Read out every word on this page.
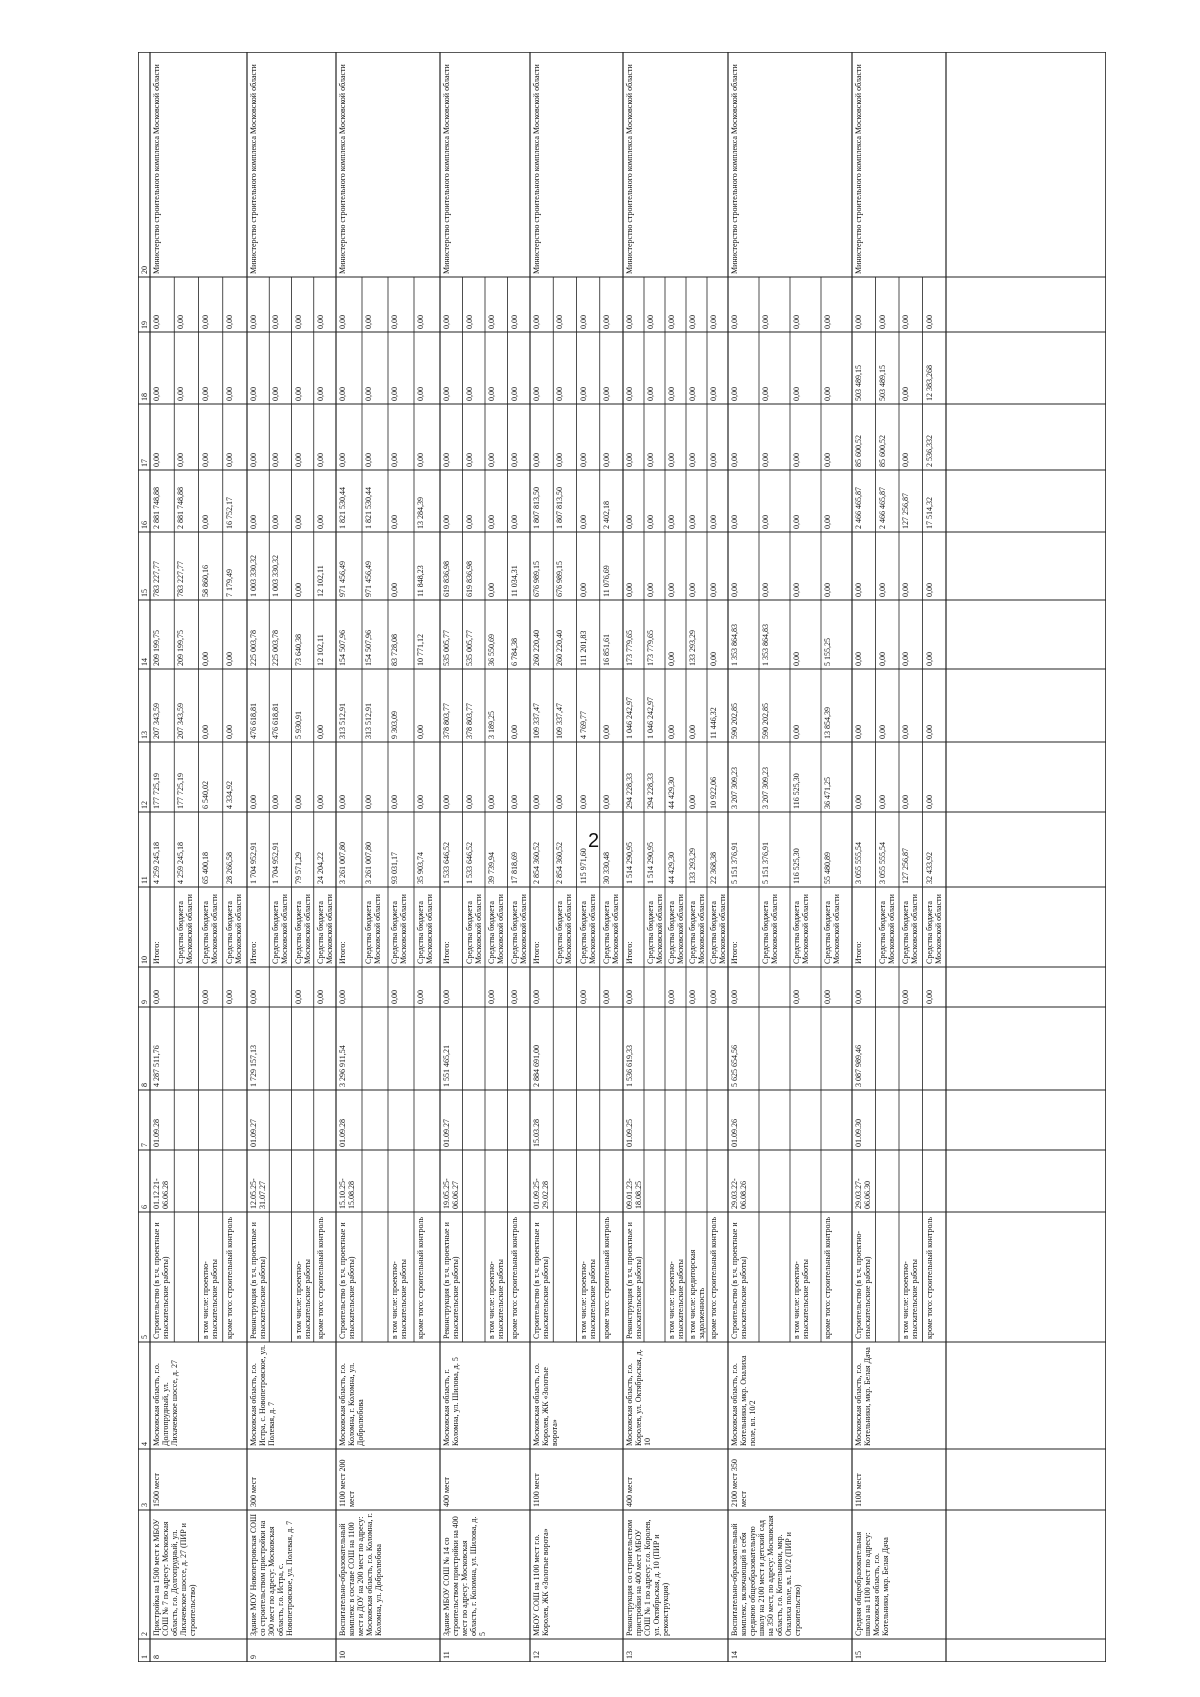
2
1
2
3
4
5
6
7
8
9
10
11
12
13
14
15
16
17
18
19
20
8
Пристройка на 1500 мест к МБОУ СОШ № 7 по адресу: Московская область, г.о. Долгопрудный, ул. Лихачевское шоссе, д. 27 (ПИР и строительство)
1500 мест
Московская область, г.о. Долгопрудный, ул. Лихачевское шоссе, д. 27
01.12.21-06.06.28
01.09.28
4 287 511,76
Министерство строительного комплекса Московской области
Строительство (в т.ч. проектные и изыскательские работы)
0,00
Итого:
4 259 245,18
177 725,19
207 343,59
209 199,75
783 227,77
2 881 748,88
0,00
0,00
0,00
Средства бюджета Московской области
4 259 245,18
177 725,19
207 343,59
209 199,75
783 227,77
2 881 748,88
0,00
0,00
0,00
в том числе: проектно-изыскательские работы
0,00
Средства бюджета Московской области
65 400,18
6 540,02
0,00
0,00
58 860,16
0,00
0,00
0,00
0,00
кроме того: строительный контроль
0,00
Средства бюджета Московской области
28 266,58
4 334,92
0,00
0,00
7 179,49
16 752,17
0,00
0,00
0,00
9
Здание МОУ Новопетровская СОШ со строительством пристройки на 300 мест по адресу: Московская область, г.о. Истра, с. Новопетровское, ул. Полевая, д. 7
300 мест
Московская область, г.о. Истра, с. Новопетровское, ул. Полевая, д. 7
12.05.25-31.07.27
01.09.27
1 729 157,13
Министерство строительного комплекса Московской области
Реконструкция (в т.ч. проектные и изыскательские работы)
0,00
Итого:
1 704 952,91
0,00
476 618,81
225 003,78
1 003 330,32
0,00
0,00
0,00
0,00
Средства бюджета Московской области
1 704 952,91
0,00
476 618,81
225 003,78
1 003 330,32
0,00
0,00
0,00
0,00
в том числе: проектно-изыскательские работы
0,00
Средства бюджета Московской области
79 571,29
0,00
5 930,91
73 640,38
0,00
0,00
0,00
0,00
0,00
кроме того: строительный контроль
0,00
Средства бюджета Московской области
24 204,22
0,00
0,00
12 102,11
12 102,11
0,00
0,00
0,00
0,00
10
Воспитательно-образовательный комплекс в составе СОШ на 1100 мест и ДОУ на 200 мест по адресу: Московская область, г.о. Коломна, г. Коломна, ул. Добролюбова
1100 мест 200 мест
Московская область, г.о. Коломна, г. Коломна, ул. Добролюбова
15.10.25-15.08.28
01.09.28
3 296 911,54
Министерство строительного комплекса Московской области
Строительство (в т.ч. проектные и изыскательские работы)
0,00
Итого:
3 261 007,80
0,00
313 512,91
154 507,96
971 456,49
1 821 530,44
0,00
0,00
0,00
Средства бюджета Московской области
3 261 007,80
0,00
313 512,91
154 507,96
971 456,49
1 821 530,44
0,00
0,00
0,00
в том числе: проектно-изыскательские работы
0,00
Средства бюджета Московской области
93 031,17
0,00
9 303,09
83 728,08
0,00
0,00
0,00
0,00
0,00
кроме того: строительный контроль
0,00
Средства бюджета Московской области
35 903,74
0,00
0,00
10 771,12
11 848,23
13 284,39
0,00
0,00
0,00
11
Здание МБОУ СОШ № 14 со строительством пристройки на 400 мест по адресу: Московская область, г. Коломна, ул. Шилова, д. 5
400 мест
Московская область, г. Коломна, ул. Шилова, д. 5
19.05.25-06.06.27
01.09.27
1 551 465,21
Министерство строительного комплекса Московской области
Реконструкция (в т.ч. проектные и изыскательские работы)
0,00
Итого:
1 533 646,52
0,00
378 803,77
535 005,77
619 836,98
0,00
0,00
0,00
0,00
Средства бюджета Московской области
1 533 646,52
0,00
378 803,77
535 005,77
619 836,98
0,00
0,00
0,00
0,00
в том числе: проектно-изыскательские работы
0,00
Средства бюджета Московской области
39 739,94
0,00
3 189,25
36 550,69
0,00
0,00
0,00
0,00
0,00
кроме того: строительный контроль
0,00
Средства бюджета Московской области
17 818,69
0,00
0,00
6 784,38
11 034,31
0,00
0,00
0,00
0,00
12
МБОУ СОШ на 1100 мест г.о. Королев, ЖК «Золотые ворота»
1100 мест
Московская область, г.о. Королев, ЖК «Золотые ворота»
01.09.25-29.02.28
15.03.28
2 884 691,00
Министерство строительного комплекса Московской области
Строительство (в т.ч. проектные и изыскательские работы)
0,00
Итого:
2 854 360,52
0,00
109 337,47
260 220,40
676 989,15
1 807 813,50
0,00
0,00
0,00
Средства бюджета Московской области
2 854 360,52
0,00
109 337,47
260 220,40
676 989,15
1 807 813,50
0,00
0,00
0,00
в том числе: проектно-изыскательские работы
0,00
Средства бюджета Московской области
115 971,60
0,00
4 769,77
111 201,83
0,00
0,00
0,00
0,00
0,00
кроме того: строительный контроль
0,00
Средства бюджета Московской области
30 330,48
0,00
0,00
16 851,61
11 076,69
2 402,18
0,00
0,00
0,00
13
Реконструкция со строительством пристройки на 400 мест МБОУ СОШ № 1 по адресу: г.о. Королев, ул. Октябрьская, д. 10 (ПИР и реконструкция)
400 мест
Московская область, г.о. Королев, ул. Октябрьская, д. 10
09.01.23-18.08.25
01.09.25
1 536 619,33
Министерство строительного комплекса Московской области
Реконструкция (в т.ч. проектные и изыскательские работы)
0,00
Итого:
1 514 290,95
294 228,33
1 046 242,97
173 779,65
0,00
0,00
0,00
0,00
0,00
Средства бюджета Московской области
1 514 290,95
294 228,33
1 046 242,97
173 779,65
0,00
0,00
0,00
0,00
0,00
в том числе: проектно-изыскательские работы
0,00
Средства бюджета Московской области
44 429,30
44 429,30
0,00
0,00
0,00
0,00
0,00
0,00
0,00
в том числе: кредиторская задолженность
0,00
Средства бюджета Московской области
133 293,29
0,00
0,00
133 293,29
0,00
0,00
0,00
0,00
0,00
кроме того: строительный контроль
0,00
Средства бюджета Московской области
22 368,38
10 922,06
11 446,32
0,00
0,00
0,00
0,00
0,00
0,00
14
Воспитательно-образовательный комплекс, включающий в себя среднюю общеобразовательную школу на 2100 мест и детский сад на 350 мест, по адресу: Московская область, г.о. Котельники, мкр. Опалиха поле, вл. 10/2 (ПИР и строительство)
2100 мест 350 мест
Московская область, г.о. Котельники, мкр. Опалиха поле, вл. 10/2
29.03.22-06.08.26
01.09.26
5 625 654,56
Министерство строительного комплекса Московской области
Строительство (в т.ч. проектные и изыскательские работы)
0,00
Итого:
5 151 376,91
3 207 309,23
590 202,85
1 353 864,83
0,00
0,00
0,00
0,00
0,00
Средства бюджета Московской области
5 151 376,91
3 207 309,23
590 202,85
1 353 864,83
0,00
0,00
0,00
0,00
0,00
в том числе: проектно-изыскательские работы
0,00
Средства бюджета Московской области
116 525,30
116 525,30
0,00
0,00
0,00
0,00
0,00
0,00
0,00
кроме того: строительный контроль
0,00
Средства бюджета Московской области
55 480,89
36 471,25
13 854,39
5 155,25
0,00
0,00
0,00
0,00
0,00
15
Средняя общеобразовательная школа на 1100 мест по адресу: Московская область, г.о. Котельники, мкр. Белая Дача
1100 мест
Московская область, г.о. Котельники, мкр. Белая Дача
29.03.27-06.06.30
01.09.30
3 087 989,46
Министерство строительного комплекса Московской области
Строительство (в т.ч. проектно-изыскательские работы)
0,00
Итого:
3 055 555,54
0,00
0,00
0,00
0,00
2 466 465,87
85 600,52
503 489,15
0,00
Средства бюджета Московской области
3 055 555,54
0,00
0,00
0,00
0,00
2 466 465,87
85 600,52
503 489,15
0,00
в том числе: проектно-изыскательские работы
0,00
Средства бюджета Московской области
127 256,87
0,00
0,00
0,00
0,00
127 256,87
0,00
0,00
0,00
кроме того: строительный контроль
0,00
Средства бюджета Московской области
32 433,92
0,00
0,00
0,00
0,00
17 514,32
2 536,332
12 383,268
0,00
